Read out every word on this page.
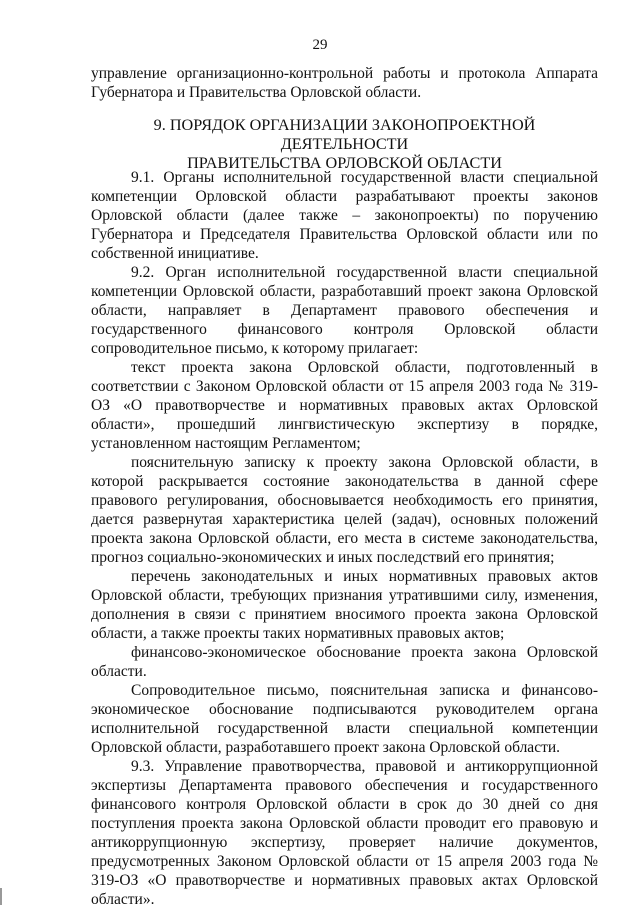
29

управление организационно-контрольной работы и протокола Аппарата Губернатора и Правительства Орловской области.

9. ПОРЯДОК ОРГАНИЗАЦИИ ЗАКОНОПРОЕКТНОЙ ДЕЯТЕЛЬНОСТИ
ПРАВИТЕЛЬСТВА ОРЛОВСКОЙ ОБЛАСТИ

9.1. Органы исполнительной государственной власти специальной компетенции Орловской области разрабатывают проекты законов Орловской области (далее также – законопроекты) по поручению Губернатора и Председателя Правительства Орловской области или по собственной инициативе.

9.2. Орган исполнительной государственной власти специальной компетенции Орловской области, разработавший проект закона Орловской области, направляет в Департамент правового обеспечения и государственного финансового контроля Орловской области сопроводительное письмо, к которому прилагает:

текст проекта закона Орловской области, подготовленный в соответствии с Законом Орловской области от 15 апреля 2003 года № 319-ОЗ «О правотворчестве и нормативных правовых актах Орловской области», прошедший лингвистическую экспертизу в порядке, установленном настоящим Регламентом;

пояснительную записку к проекту закона Орловской области, в которой раскрывается состояние законодательства в данной сфере правового регулирования, обосновывается необходимость его принятия, дается развернутая характеристика целей (задач), основных положений проекта закона Орловской области, его места в системе законодательства, прогноз социально-экономических и иных последствий его принятия;

перечень законодательных и иных нормативных правовых актов Орловской области, требующих признания утратившими силу, изменения, дополнения в связи с принятием вносимого проекта закона Орловской области, а также проекты таких нормативных правовых актов;

финансово-экономическое обоснование проекта закона Орловской области.

Сопроводительное письмо, пояснительная записка и финансово-экономическое обоснование подписываются руководителем органа исполнительной государственной власти специальной компетенции Орловской области, разработавшего проект закона Орловской области.

9.3. Управление правотворчества, правовой и антикоррупционной экспертизы Департамента правового обеспечения и государственного финансового контроля Орловской области в срок до 30 дней со дня поступления проекта закона Орловской области проводит его правовую и антикоррупционную экспертизу, проверяет наличие документов, предусмотренных Законом Орловской области от 15 апреля 2003 года № 319-ОЗ «О правотворчестве и нормативных правовых актах Орловской области».
